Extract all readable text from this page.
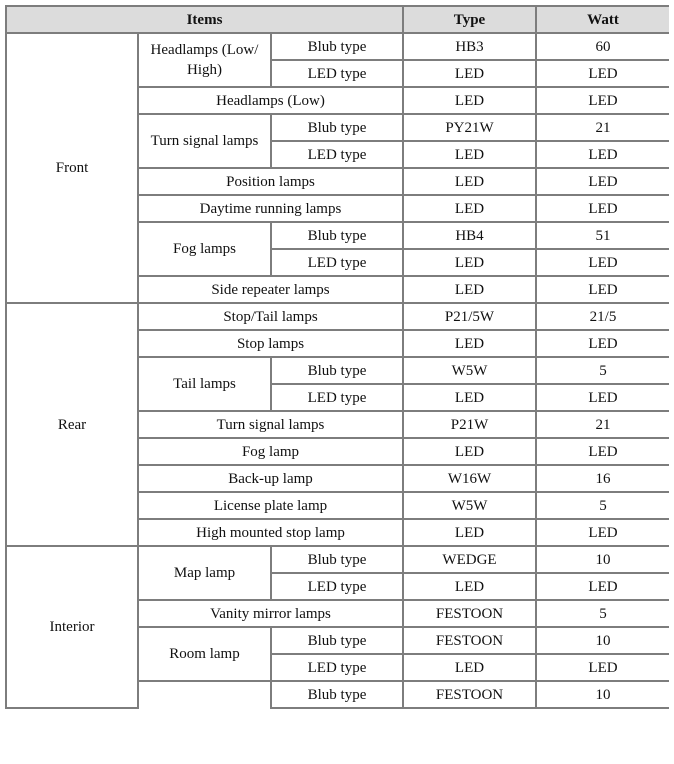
Items			Type	Watt
Front	Headlamps (Low/ High)	Blub type	HB3	60
		LED type	LED	LED
	Headlamps (Low)		LED	LED
	Turn signal lamps	Blub type	PY21W	21
		LED type	LED	LED
	Position lamps		LED	LED
	Daytime running lamps		LED	LED
	Fog lamps	Blub type	HB4	51
		LED type	LED	LED
	Side repeater lamps		LED	LED
Rear	Stop/Tail lamps		P21/5W	21/5
	Stop lamps		LED	LED
	Tail lamps	Blub type	W5W	5
		LED type	LED	LED
	Turn signal lamps		P21W	21
	Fog lamp		LED	LED
	Back-up lamp		W16W	16
	License plate lamp		W5W	5
	High mounted stop lamp		LED	LED
Interior	Map lamp	Blub type	WEDGE	10
		LED type	LED	LED
	Vanity mirror lamps		FESTOON	5
	Room lamp	Blub type	FESTOON	10
		LED type	LED	LED
		Blub type	FESTOON	10
